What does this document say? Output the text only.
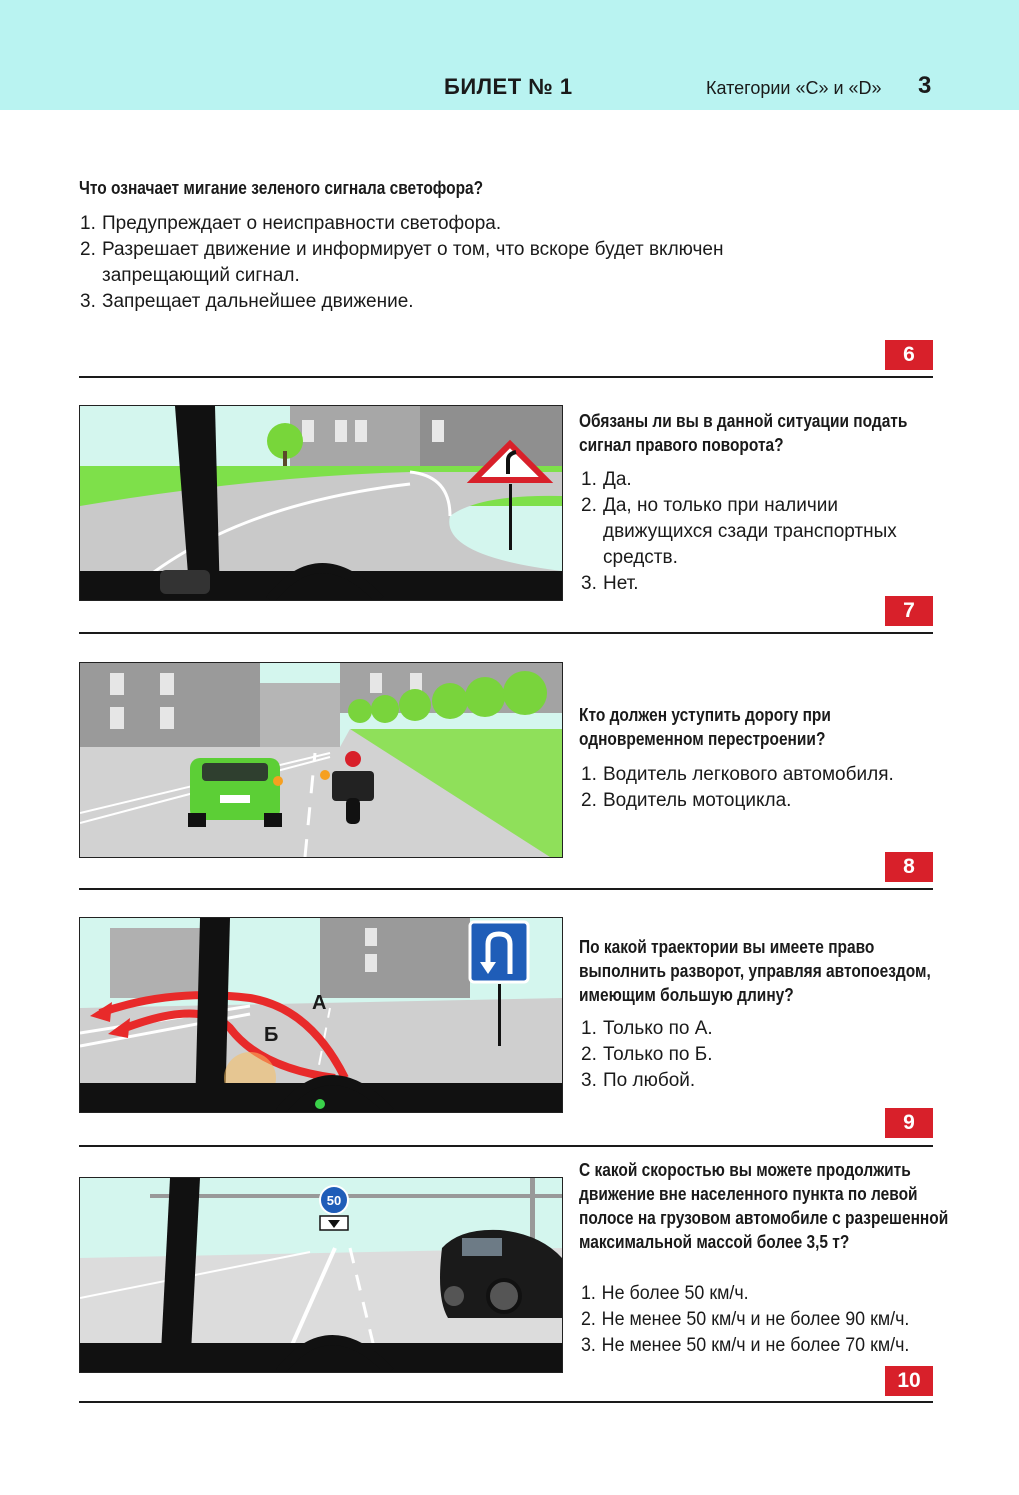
БИЛЕТ № 1	Категории «C» и «D» 3
Что означает мигание зеленого сигнала светофора?
1. Предупреждает о неисправности светофора.
2. Разрешает движение и информирует о том, что вскоре будет включен запрещающий сигнал.
3. Запрещает дальнейшее движение.
6
Обязаны ли вы в данной ситуации подать сигнал правого поворота?
1. Да.
2. Да, но только при наличии движущихся сзади транспортных средств.
3. Нет.
7
Кто должен уступить дорогу при одновременном перестроении?
1. Водитель легкового автомобиля.
2. Водитель мотоцикла.
8
А
Б
По какой траектории вы имеете право выполнить разворот, управляя автопоездом, имеющим большую длину?
1. Только по А.
2. Только по Б.
3. По любой.
9
50
С какой скоростью вы можете продолжить движение вне населенного пункта по левой полосе на грузовом автомобиле с разрешенной максимальной массой более 3,5 т?
1. Не более 50 км/ч.
2. Не менее 50 км/ч и не более 90 км/ч.
3. Не менее 50 км/ч и не более 70 км/ч.
10
